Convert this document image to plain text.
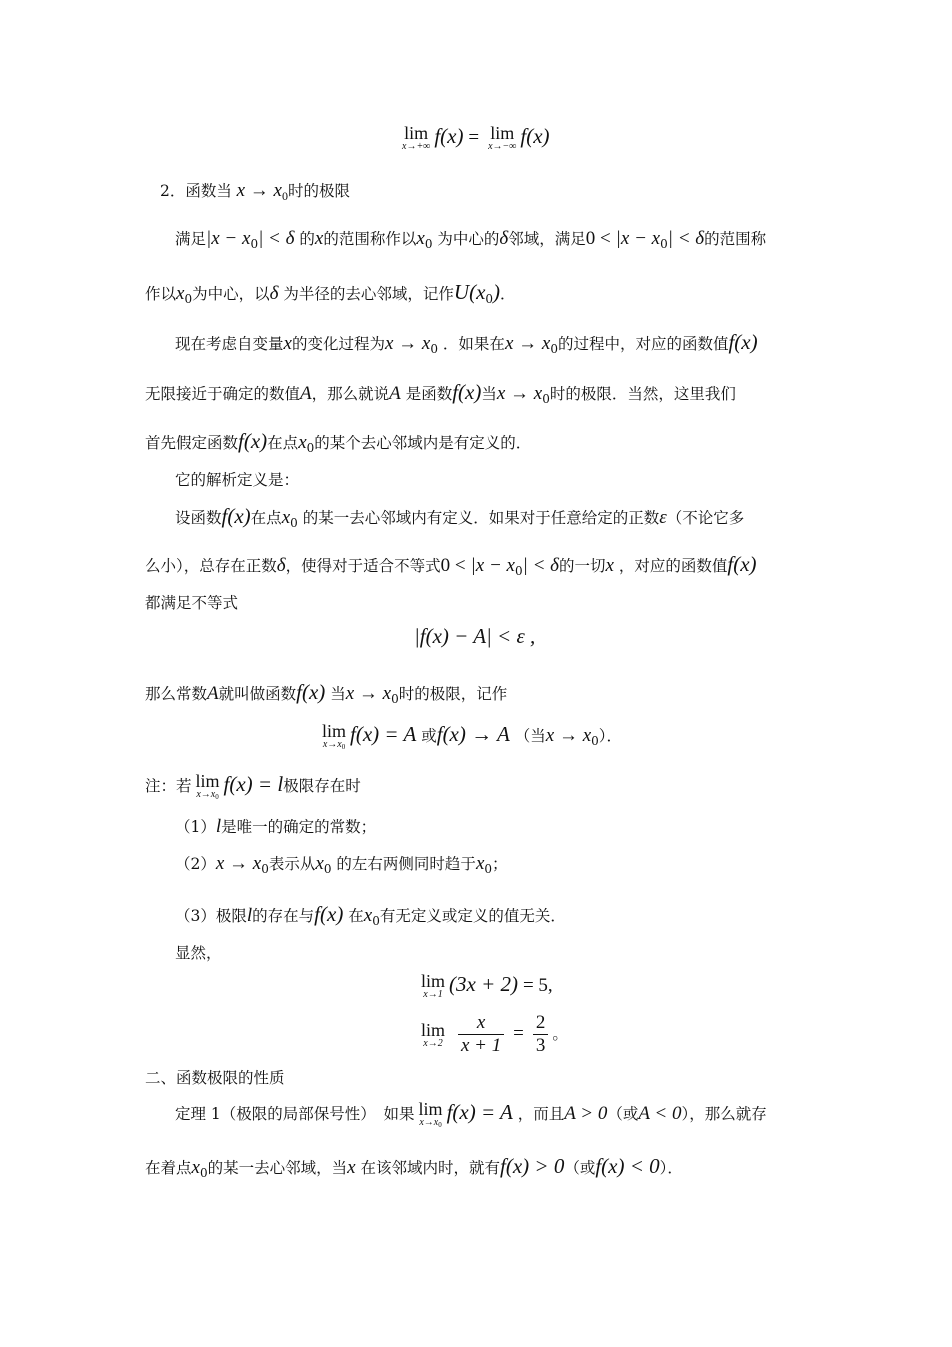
lim
x→+∞ f(x) = lim
x→−∞ f(x)
2．函数当 $x \to x_0$时的极限
满足$|x - x_0| < \delta$ 的x的范围称作以$x_0$ 为中心的δ邻域，满足$0 < |x - x_0| < \delta$的范围称
作以$x_0$为中心，以δ 为半径的去心邻域，记作$U(x_0)$．
现在考虑自变量x的变化过程为$x \to x_0$ ．如果在$x \to x_0$的过程中，对应的函数值f(x)
无限接近于确定的数值A，那么就说A 是函数f(x)当$x \to x_0$时的极限．当然，这里我们
首先假定函数f(x)在点$x_0$的某个去心邻域内是有定义的．
它的解析定义是：
设函数f(x)在点$x_0$ 的某一去心邻域内有定义．如果对于任意给定的正数ε（不论它多
么小），总存在正数δ，使得对于适合不等式$0 < |x - x_0| < \delta$的一切x ，对应的函数值f(x)
都满足不等式
|f(x) − A| < ε ,
那么常数A就叫做函数f(x) 当$x \to x_0$时的极限，记作
lim
$x\to x_0$
f(x) = A 或f(x) → A （当$x \to x_0$）．
注：若 lim
$x\to x_0$
f(x) = l极限存在时
（1）l是唯一的确定的常数；
$(2)x \to x_0$表示从$x_0$ 的左右两侧同时趋于$x_0$；
（3）极限l的存在与f(x) 在$x_0$有无定义或定义的值无关．
显然，
lim
x→1 (3x + 2) = 5,
lim
x→2
$\frac{x}{x + 1} = \frac{2}{3}$ 。
二、函数极限的性质
定理 1（极限的局部保号性）　如果 lim
$x\to x_0$
f(x) = A ，而且A > 0（或A < 0），那么就存
在着点$x_0$的某一去心邻域，当x 在该邻域内时，就有f(x) > 0（或f(x) < 0）．
